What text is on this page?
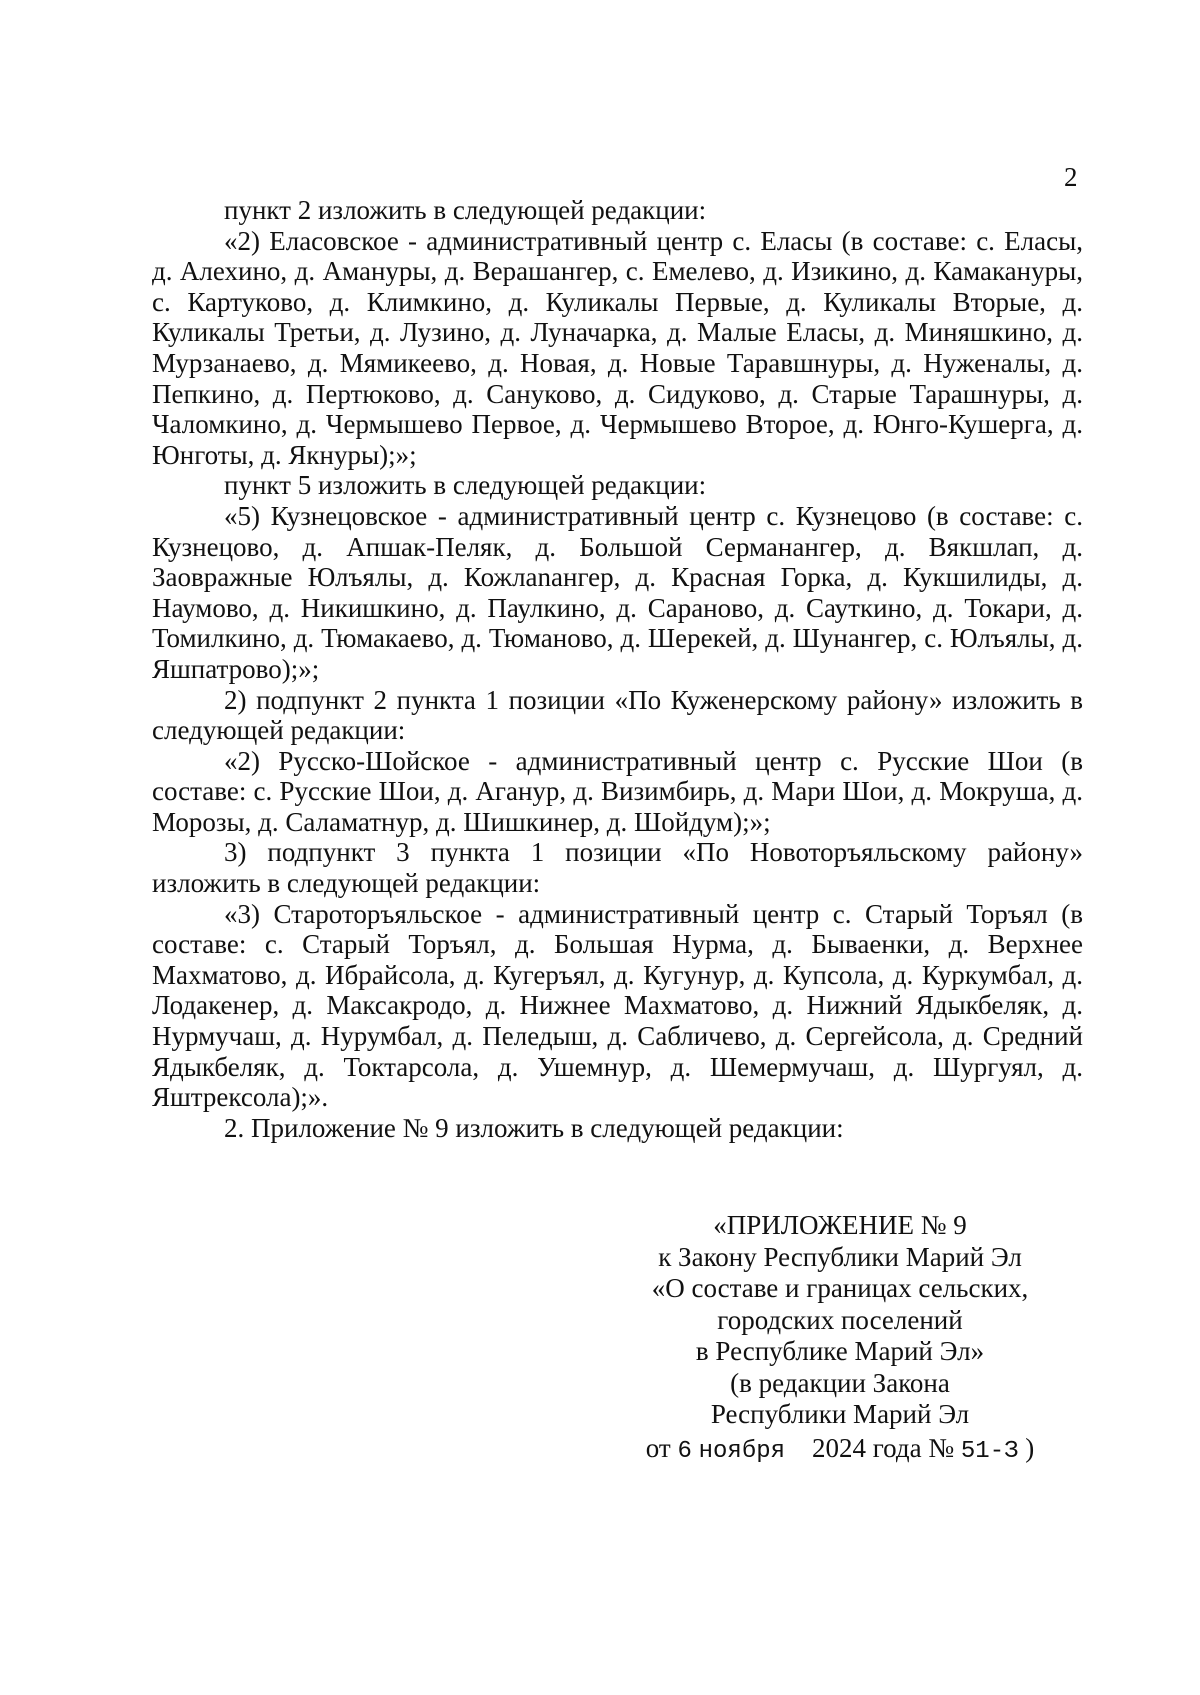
2

пункт 2 изложить в следующей редакции:

«2) Еласовское - административный центр с. Еласы (в составе: с. Еласы, д. Алехино, д. Амануры, д. Верашангер, с. Емелево, д. Изикино, д. Камакануры, с. Картуково, д. Климкино, д. Куликалы Первые, д. Куликалы Вторые, д. Куликалы Третьи, д. Лузино, д. Луначарка, д. Малые Еласы, д. Миняшкино, д. Мурзанаево, д. Мямикеево, д. Новая, д. Новые Таравшнуры, д. Нуженалы, д. Пепкино, д. Пертюково, д. Сануково, д. Сидуково, д. Старые Тарашнуры, д. Чаломкино, д. Чермышево Первое, д. Чермышево Второе, д. Юнго-Кушерга, д. Юнготы, д. Якнуры);»;

пункт 5 изложить в следующей редакции:

«5) Кузнецовское - административный центр с. Кузнецово (в составе: с. Кузнецово, д. Апшак-Пеляк, д. Большой Серманангер, д. Вякшлап, д. Заовражные Юлъялы, д. Кожлanангер, д. Красная Горка, д. Кукшилиды, д. Наумово, д. Никишкино, д. Паулкино, д. Сараново, д. Сауткино, д. Токари, д. Томилкино, д. Тюмакаево, д. Тюманово, д. Шерекей, д. Шунангер, с. Юлъялы, д. Яшпатрово);»;

2) подпункт 2 пункта 1 позиции «По Куженерскому району» изложить в следующей редакции:

«2) Русско-Шойское - административный центр с. Русские Шои (в составе: с. Русские Шои, д. Аганур, д. Визимбирь, д. Мари Шои, д. Мокруша, д. Морозы, д. Саламатнур, д. Шишкинер, д. Шойдум);»;

3) подпункт 3 пункта 1 позиции «По Новоторъяльскому району» изложить в следующей редакции:

«3) Староторъяльское - административный центр с. Старый Торъял (в составе: с. Старый Торъял, д. Большая Нурма, д. Бываенки, д. Верхнее Махматово, д. Ибрайсола, д. Кугеръял, д. Кугунур, д. Купсола, д. Куркумбал, д. Лодакенер, д. Максакродо, д. Нижнее Махматово, д. Нижний Ядыкбеляк, д. Нурмучаш, д. Нурумбал, д. Пеледыш, д. Сабличево, д. Сергейсола, д. Средний Ядыкбеляк, д. Токтарсола, д. Ушемнур, д. Шемермучаш, д. Шургуял, д. Яштрексола);».

2. Приложение № 9 изложить в следующей редакции:

«ПРИЛОЖЕНИЕ № 9
к Закону Республики Марий Эл
«О составе и границах сельских,
городских поселений
в Республике Марий Эл»
(в редакции Закона
Республики Марий Эл
от 6 ноября 2024 года № 51-З )
